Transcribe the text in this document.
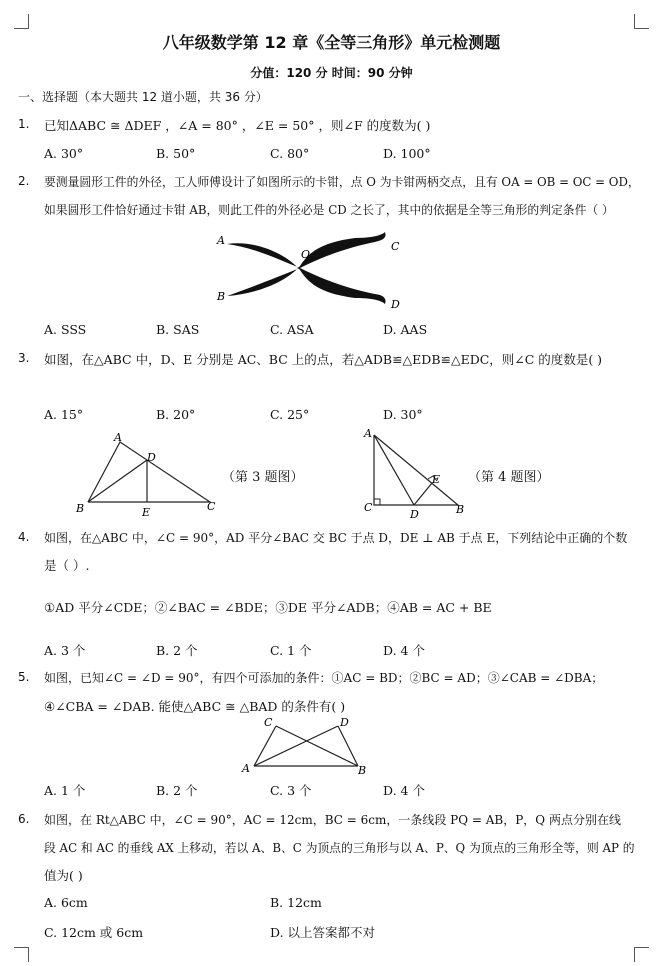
八年级数学第 12 章《全等三角形》单元检测题
分值：120 分 时间：90 分钟
一、选择题（本大题共 12 道小题，共 36 分）
1. 已知ΔABC ≅ ΔDEF ，∠A = 80° ，∠E = 50° ，则∠F 的度数为( )
A. 30°	B. 50°	C. 80°	D. 100°
2. 要测量圆形工件的外径，工人师傅设计了如图所示的卡钳，点 O 为卡钳两柄交点，且有 OA = OB = OC = OD，
如果圆形工件恰好通过卡钳 AB，则此工件的外径必是 CD 之长了，其中的依据是全等三角形的判定条件（ ）
A
B
O
C
D
A. SSS	B. SAS	C. ASA	D. AAS
3. 如图，在△ABC 中，D、E 分别是 AC、BC 上的点，若△ADB≌△EDB≌△EDC，则∠C 的度数是( )
A. 15°	B. 20°	C. 25°	D. 30°
A
D
B	E	C
（第 3 题图）
A
E
C
D	B
（第 4 题图）
4. 如图，在△ABC 中，∠C = 90°，AD 平分∠BAC 交 BC 于点 D，DE ⊥ AB 于点 E，下列结论中正确的个数
是（ ）.
①AD 平分∠CDE；②∠BAC = ∠BDE；③DE 平分∠ADB；④AB = AC + BE
A. 3 个	B. 2 个	C. 1 个	D. 4 个
5. 如图，已知∠C = ∠D = 90°，有四个可添加的条件：①AC = BD；②BC = AD；③∠CAB = ∠DBA；
④∠CBA = ∠DAB. 能使△ABC ≅ △BAD 的条件有( )
C	D
A	B
A. 1 个	B. 2 个	C. 3 个	D. 4 个
6. 如图，在 Rt△ABC 中，∠C = 90°，AC = 12cm，BC = 6cm，一条线段 PQ = AB，P，Q 两点分别在线
段 AC 和 AC 的垂线 AX 上移动，若以 A、B、C 为顶点的三角形与以 A、P、Q 为顶点的三角形全等，则 AP 的
值为( )
A. 6cm	B. 12cm
C. 12cm 或 6cm	D. 以上答案都不对
